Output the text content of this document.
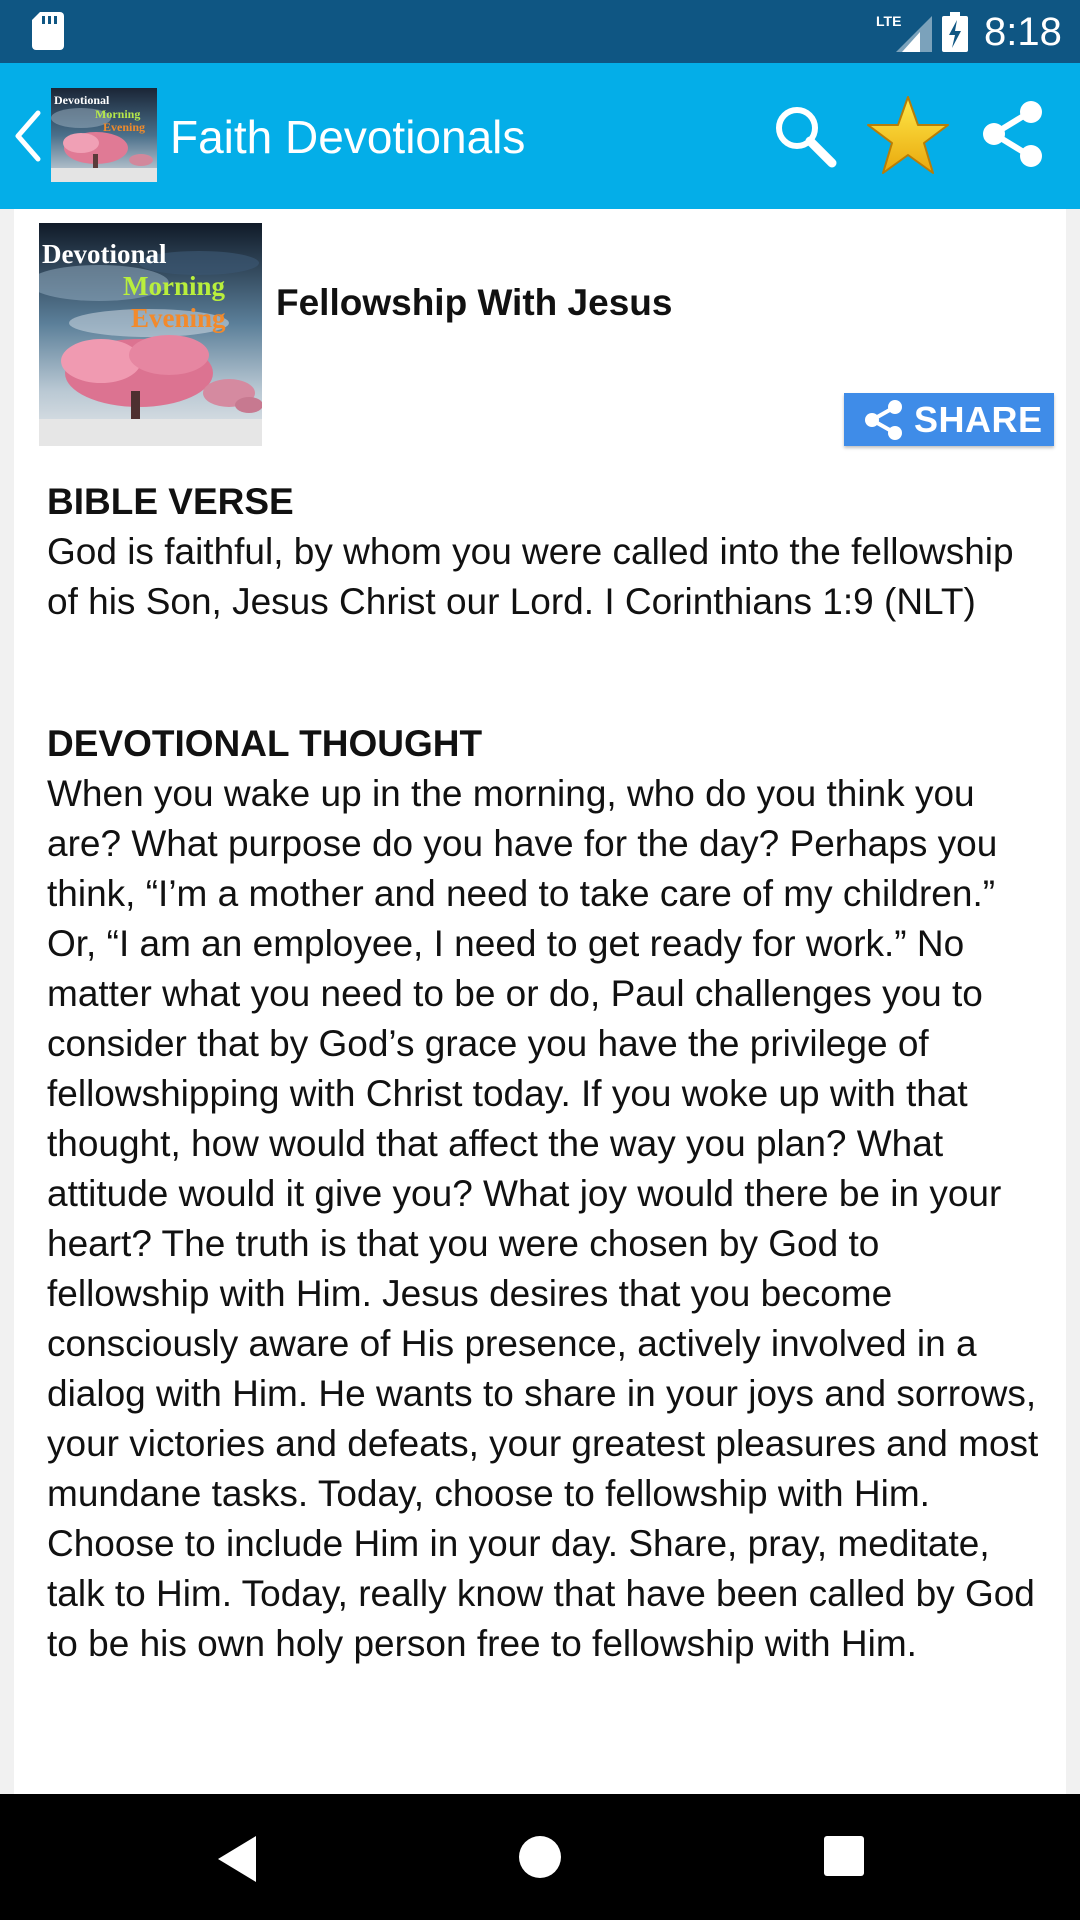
LTE 8:18
Devotional
Morning
Evening Faith Devotionals
Devotional
Morning
Evening Fellowship With Jesus
SHARE
BIBLE VERSE
God is faithful, by whom you were called into the fellowship of his Son, Jesus Christ our Lord. I Corinthians 1:9 (NLT)
DEVOTIONAL THOUGHT
When you wake up in the morning, who do you think you are? What purpose do you have for the day? Perhaps you think, “I’m a mother and need to take care of my children.” Or, “I am an employee, I need to get ready for work.” No matter what you need to be or do, Paul challenges you to consider that by God’s grace you have the privilege of fellowshipping with Christ today. If you woke up with that thought, how would that affect the way you plan? What attitude would it give you? What joy would there be in your heart? The truth is that you were chosen by God to fellowship with Him. Jesus desires that you become consciously aware of His presence, actively involved in a dialog with Him. He wants to share in your joys and sorrows, your victories and defeats, your greatest pleasures and most mundane tasks. Today, choose to fellowship with Him. Choose to include Him in your day. Share, pray, meditate, talk to Him. Today, really know that have been called by God to be his own holy person free to fellowship with Him.
